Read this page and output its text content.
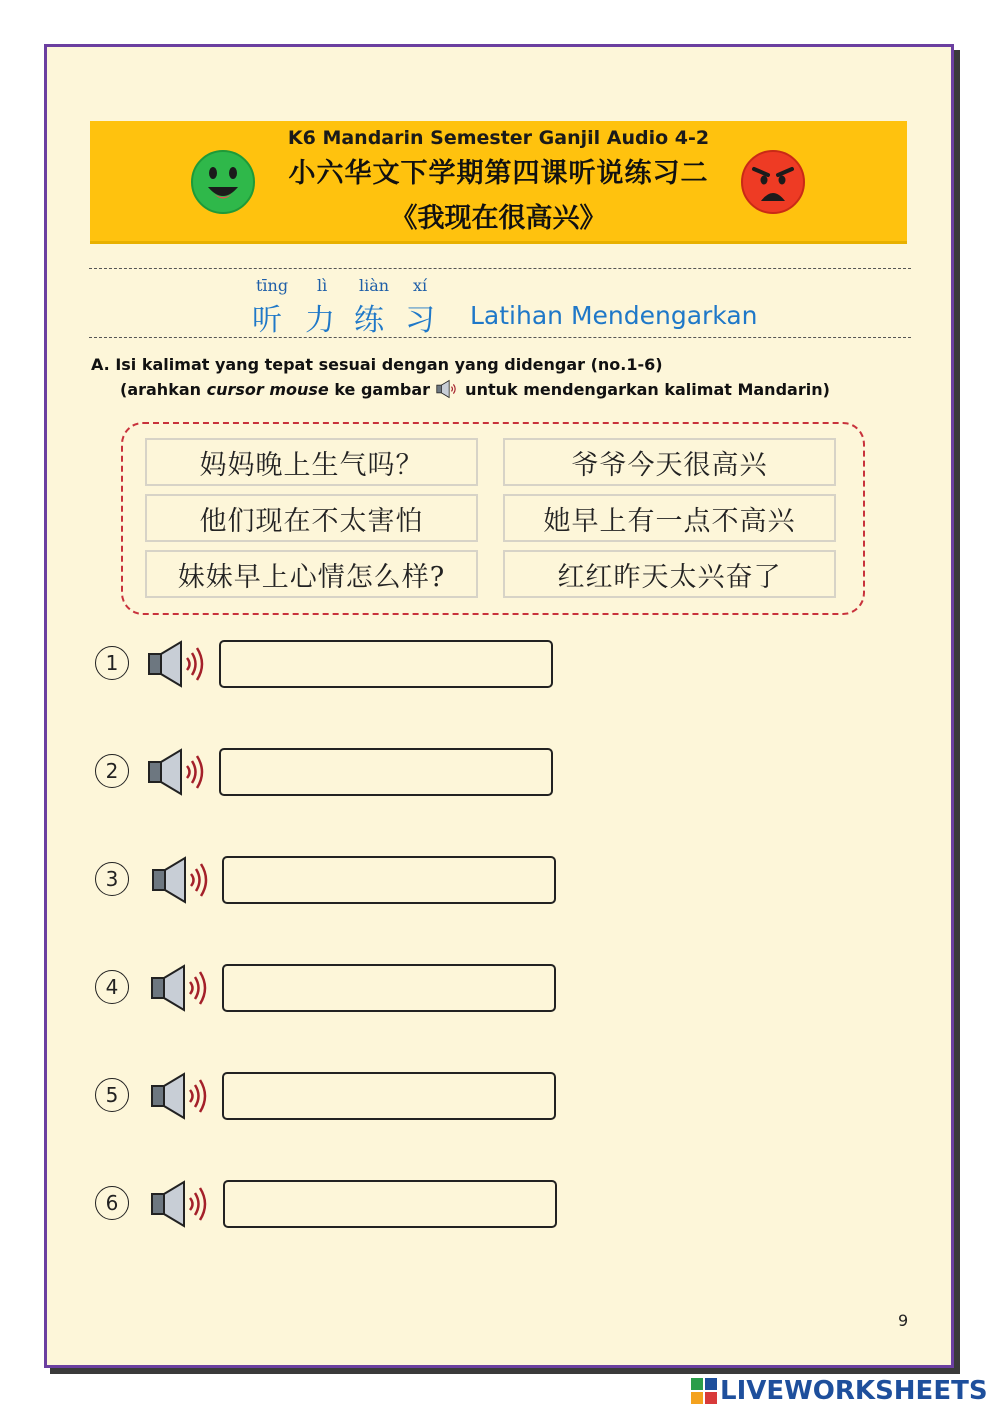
K6 Mandarin Semester Ganjil Audio 4-2
小六华文下学期第四课听说练习二
《我现在很高兴》
tīng lì liàn xí
听 力 练 习 Latihan Mendengarkan
A. Isi kalimat yang tepat sesuai dengan yang didengar (no.1-6)
(arahkan cursor mouse ke gambar  untuk mendengarkan kalimat Mandarin)
妈妈晚上生气吗？	爷爷今天很高兴
他们现在不太害怕	她早上有一点不高兴
妹妹早上心情怎么样?	红红昨天太兴奋了
1
2
3
4
5
6
9
LIVEWORKSHEETS
